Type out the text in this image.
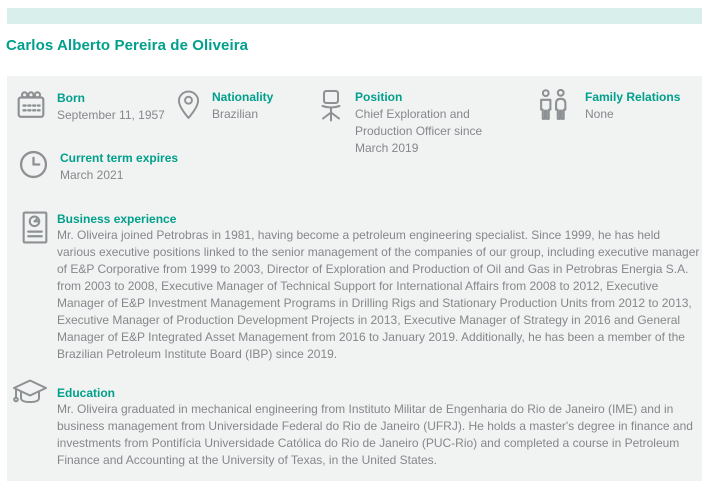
Carlos Alberto Pereira de Oliveira
Born
September 11, 1957
Nationality
Brazilian
Position
Chief Exploration and Production Officer since March 2019
Family Relations
None
Current term expires
March 2021
Business experience
Mr. Oliveira joined Petrobras in 1981, having become a petroleum engineering specialist. Since 1999, he has held various executive positions linked to the senior management of the companies of our group, including executive manager of E&P Corporative from 1999 to 2003, Director of Exploration and Production of Oil and Gas in Petrobras Energia S.A. from 2003 to 2008, Executive Manager of Technical Support for International Affairs from 2008 to 2012, Executive Manager of E&P Investment Management Programs in Drilling Rigs and Stationary Production Units from 2012 to 2013, Executive Manager of Production Development Projects in 2013, Executive Manager of Strategy in 2016 and General Manager of E&P Integrated Asset Management from 2016 to January 2019. Additionally, he has been a member of the Brazilian Petroleum Institute Board (IBP) since 2019.
Education
Mr. Oliveira graduated in mechanical engineering from Instituto Militar de Engenharia do Rio de Janeiro (IME) and in business management from Universidade Federal do Rio de Janeiro (UFRJ). He holds a master's degree in finance and investments from Pontifícia Universidade Católica do Rio de Janeiro (PUC-Rio) and completed a course in Petroleum Finance and Accounting at the University of Texas, in the United States.
